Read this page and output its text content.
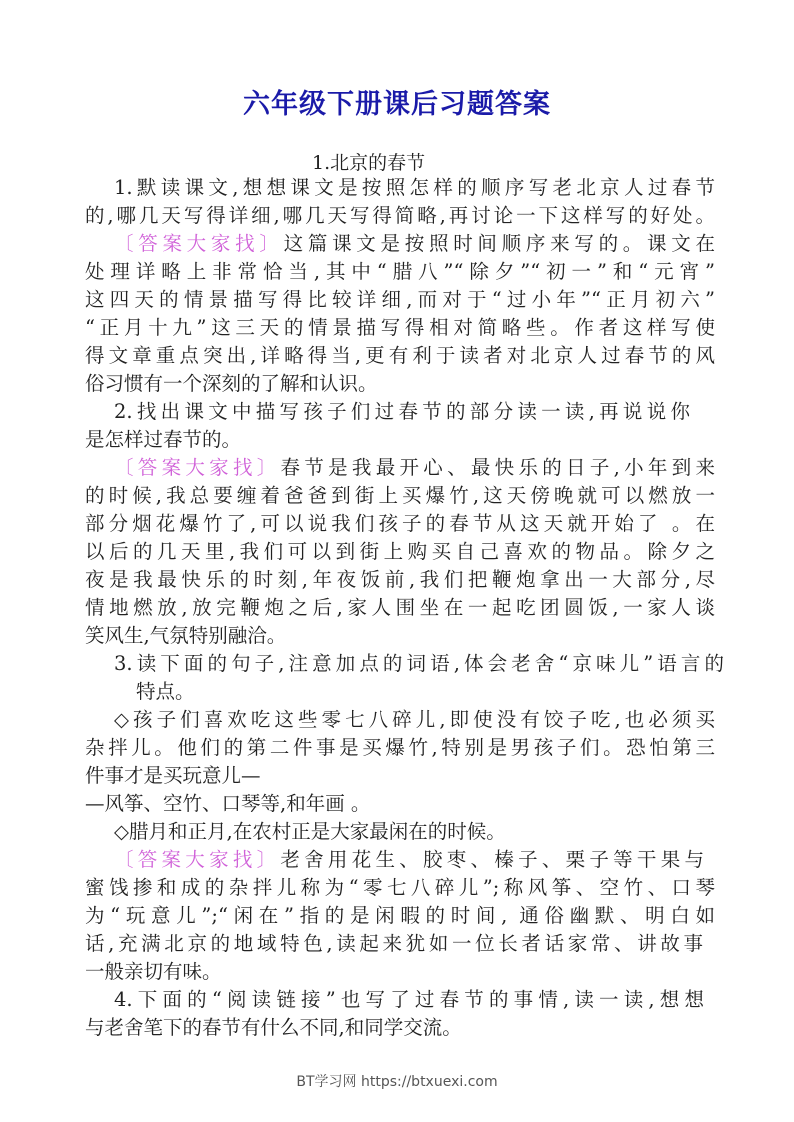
六年级下册课后习题答案
1.北京的春节
1.默读课文,想想课文是按照怎样的顺序写老北京人过春节
的,哪几天写得详细,哪几天写得简略,再讨论一下这样写的好处。
〔答案大家找〕这篇课文是按照时间顺序来写的。课文在
处理详略上非常恰当,其中“腊八”“除夕”“初一”和“元宵”
这四天的情景描写得比较详细,而对于“过小年”“正月初六”
“正月十九”这三天的情景描写得相对简略些。作者这样写使
得文章重点突出,详略得当,更有利于读者对北京人过春节的风
俗习惯有一个深刻的了解和认识。
2.找出课文中描写孩子们过春节的部分读一读,再说说你
是怎样过春节的。
〔答案大家找〕春节是我最开心、最快乐的日子,小年到来
的时候,我总要缠着爸爸到街上买爆竹,这天傍晚就可以燃放一
部分烟花爆竹了,可以说我们孩子的春节从这天就开始了 。在
以后的几天里,我们可以到街上购买自己喜欢的物品。除夕之
夜是我最快乐的时刻,年夜饭前,我们把鞭炮拿出一大部分,尽
情地燃放,放完鞭炮之后,家人围坐在一起吃团圆饭,一家人谈
笑风生,气氛特别融洽。
3.读下面的句子,注意加点的词语,体会老舍“京味儿”语言的
特点。
◇孩子们喜欢吃这些零七八碎儿,即使没有饺子吃,也必须买
杂拌儿。他们的第二件事是买爆竹,特别是男孩子们。恐怕第三
件事才是买玩意儿—
—风筝、空竹、口琴等,和年画 。
◇腊月和正月,在农村正是大家最闲在的时候。
〔答案大家找〕老舍用花生、胶枣、榛子、栗子等干果与
蜜饯掺和成的杂拌儿称为“零七八碎儿”;称风筝、空竹、口琴
为“玩意儿”;“闲在”指的是闲暇的时间, 通俗幽默、明白如
话,充满北京的地域特色,读起来犹如一位长者话家常、讲故事
一般亲切有味。
4.下面的“阅读链接”也写了过春节的事情,读一读,想想
与老舍笔下的春节有什么不同,和同学交流。
BT学习网 https://btxuexi.com
